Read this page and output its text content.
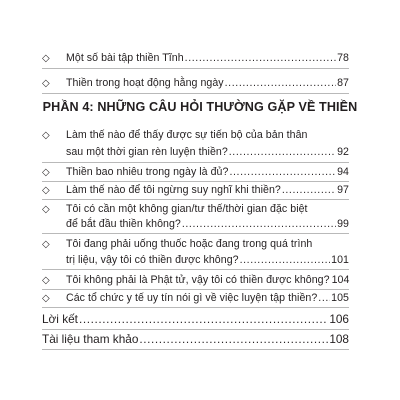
◇ Một số bài tập thiền Tĩnh .....	78
◇ Thiền trong hoạt động hằng ngày .....	87
PHẦN 4: NHỮNG CÂU HỎI THƯỜNG GẶP VỀ THIỀN
◇ Làm thế nào để thấy được sự tiến bộ của bản thân
sau một thời gian rèn luyện thiền? .....	92
◇ Thiền bao nhiêu trong ngày là đủ? .....	94
◇ Làm thế nào để tôi ngừng suy nghĩ khi thiền? .....	97
◇ Tôi có cần một không gian/tư thế/thời gian đặc biệt
để bắt đầu thiền không? .....	99
◇ Tôi đang phải uống thuốc hoặc đang trong quá trình
trị liệu, vậy tôi có thiền được không? .....	101
◇ Tôi không phải là Phật tử, vậy tôi có thiền được không? 104
◇ Các tổ chức y tế uy tín nói gì về việc luyện tập thiền? ..... 105
Lời kết .....	106
Tài liệu tham khảo .....	108
